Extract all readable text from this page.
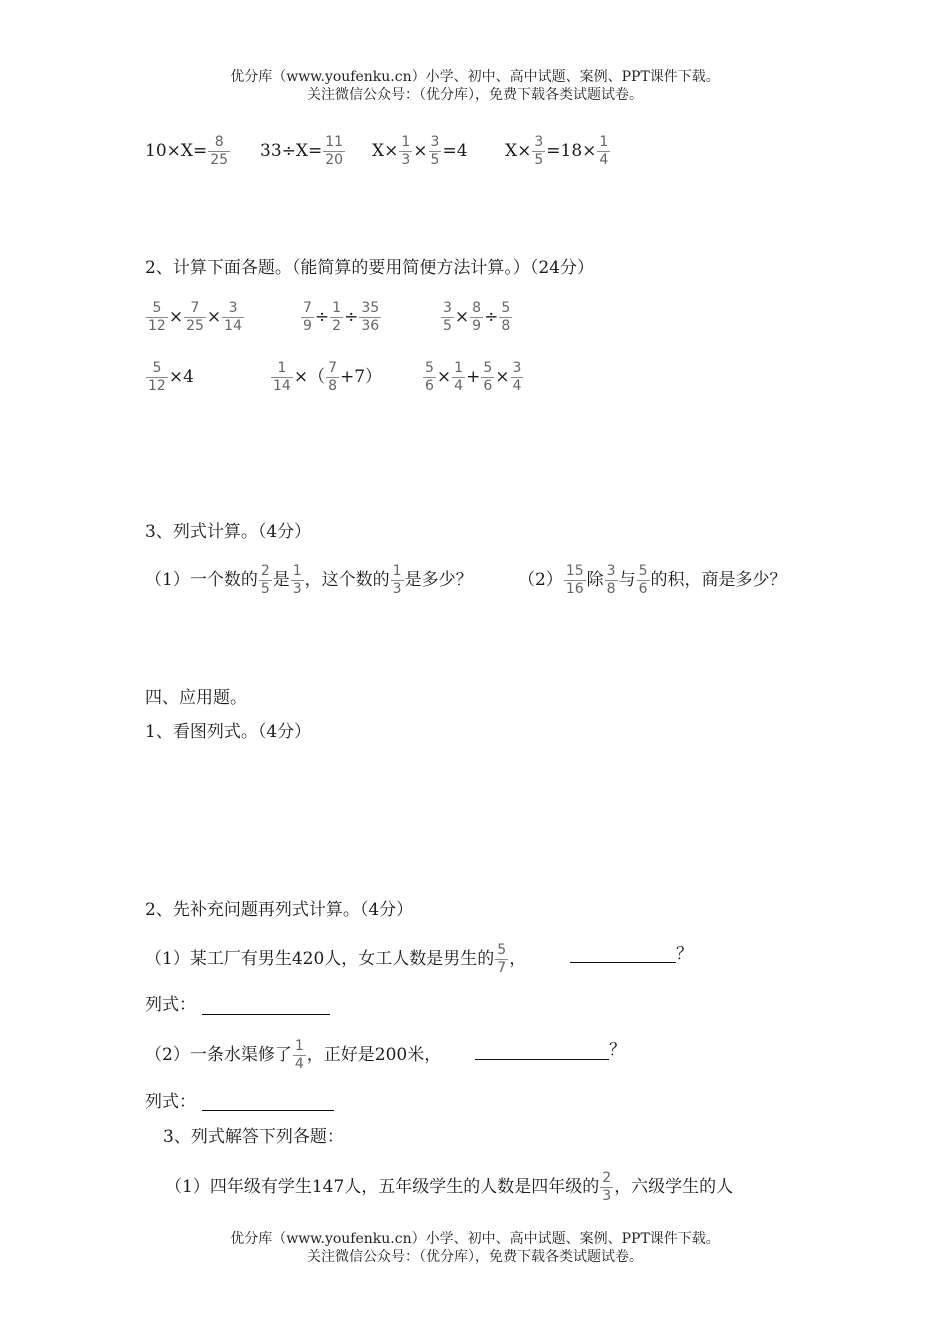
优分库（www.youfenku.cn）小学、初中、高中试题、案例、PPT课件下载。
关注微信公众号：（优分库），免费下载各类试题试卷。
$10\times X= \frac{8}{25} 33\div X= \frac{11}{20} X\times \frac{1}{3} \times \frac{3}{5} =4$ $X\times \frac{3}{5} =18\times \frac{1}{4}$
2、计算下面各题。（能简算的要用简便方法计算。）（24分）
$\frac{5}{12} \times \frac{7}{25} \times \frac{3}{14}$	$\frac{7}{9} \div \frac{1}{2} \div \frac{35}{36}$	$\frac{3}{5} \times \frac{8}{9} \div \frac{5}{8}$
$\frac{5}{12} \times 4$	$\frac{1}{14}$ ×（ $\frac{7}{8} +7$）	$\frac{5}{6} \times \frac{1}{4} + \frac{5}{6} \times \frac{3}{4}$
3、列式计算。（4分）
（1）一个数的 $\frac{2}{5}$ 是 $\frac{1}{3}$ ，这个数的 $\frac{1}{3}$ 是多少？	$(2) \frac{15}{16}$ 除 $\frac{3}{8}$ 与 $\frac{5}{6}$ 的积，商是多少？
四、应用题。
1、看图列式。（4分）
2、先补充问题再列式计算。（4分）
（1）某工厂有男生420人，女工人数是男生的 $\frac{5}{7}$ ，	？
列式：
（2）一条水渠修了 $\frac{1}{4}$ ，正好是200米，	？
列式：
3、列式解答下列各题：
（1）四年级有学生147人，五年级学生的人数是四年级的 $\frac{2}{3}$ ，六级学生的人
优分库（www.youfenku.cn）小学、初中、高中试题、案例、PPT课件下载。
关注微信公众号：（优分库），免费下载各类试题试卷。
